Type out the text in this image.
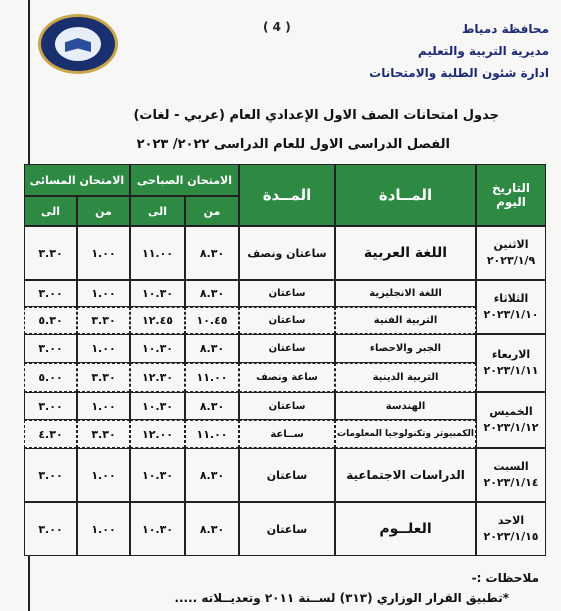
( 4 )	محافظة دمياط
مديرية التربية والتعليم
ادارة شئون الطلبة والامتحانات
جدول امتحانات الصف الاول الإعدادي العام (عربي - لغات)
الفصل الدراسى الاول للعام الدراسى ٢٠٢٢/ ٢٠٢٣
التاريخ
اليوم
المــادة
المــدة
الامتحان الصباحى
من
الى
الامتحان المسائى
من
الى
الاثنين
٢٠٢٣/١/٩
اللغة العربية
ساعتان ونصف
٨.٣٠
١١.٠٠
١.٠٠
٣.٣٠
الثلاثاء
٢٠٢٣/١/١٠
اللغة الانجليزية
التربية الفنية
ساعتان
ساعتان
٨.٣٠
١٠.٤٥
١٠.٣٠
١٢.٤٥
١.٠٠
٣.٣٠
٣.٠٠
٥.٣٠
الاربعاء
٢٠٢٣/١/١١
الجبر والاحصاء
التربية الدينية
ساعتان
ساعة ونصف
٨.٣٠
١١.٠٠
١٠.٣٠
١٢.٣٠
١.٠٠
٣.٣٠
٣.٠٠
٥.٠٠
الخميس
٢٠٢٣/١/١٢
الهندسة
الكمبيوتر وتكنولوجيا المعلومات
ساعتان
ســاعة
٨.٣٠
١١.٠٠
١٠.٣٠
١٢.٠٠
١.٠٠
٣.٣٠
٣.٠٠
٤.٣٠
السبت
٢٠٢٣/١/١٤
الدراسات الاجتماعية
ساعتان
٨.٣٠
١٠.٣٠
١.٠٠
٣.٠٠
الاحد
٢٠٢٣/١/١٥
العلــوم
ساعتان
٨.٣٠
١٠.٣٠
١.٠٠
٣.٠٠
ملاحظات :-
*تطبيق القرار الوزاري (٣١٣) لســنة ٢٠١١ وتعديــلاته .....
